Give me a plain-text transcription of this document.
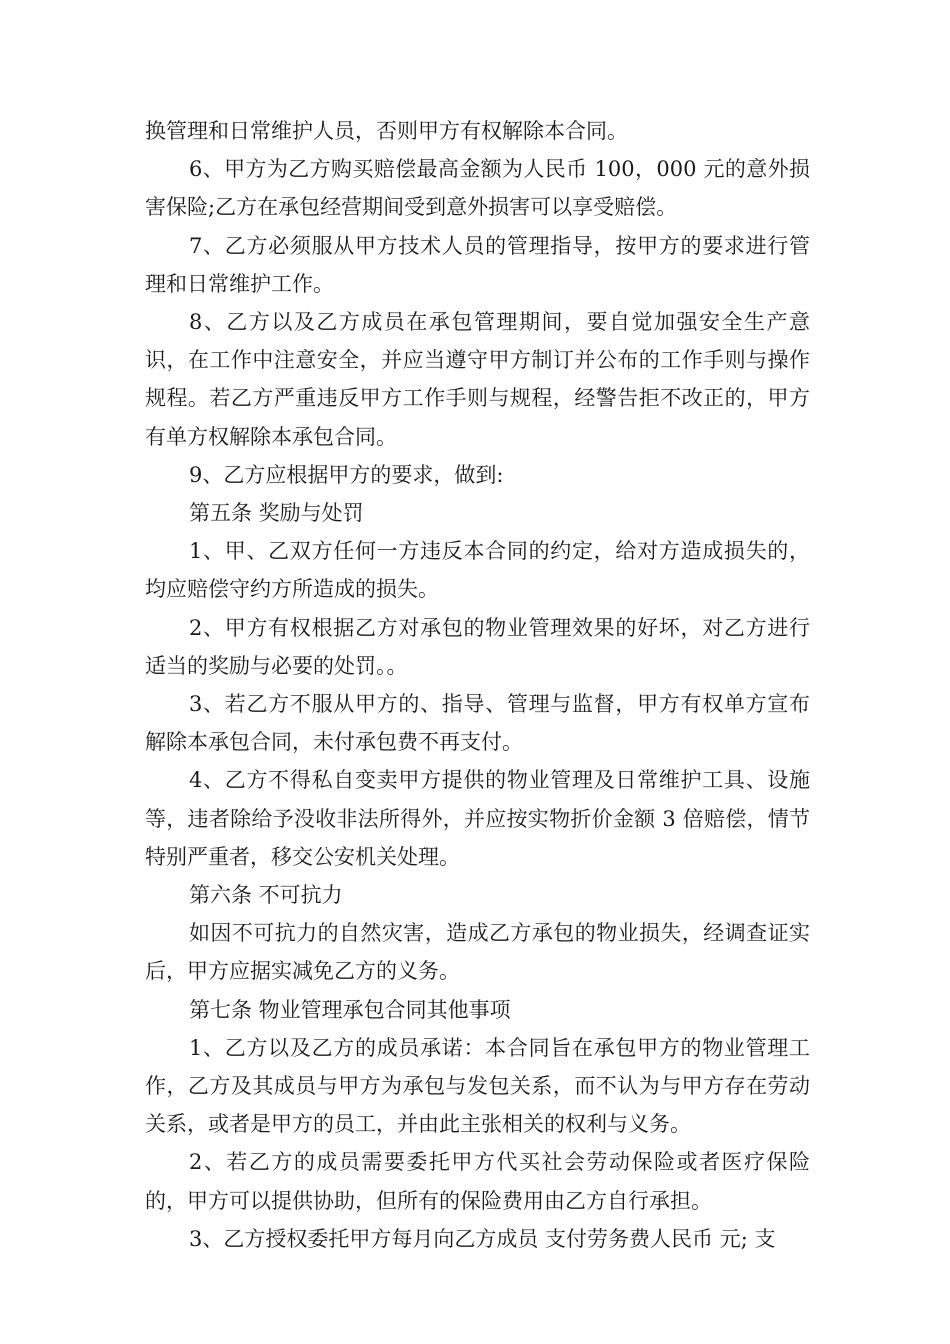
换管理和日常维护人员，否则甲方有权解除本合同。

6、甲方为乙方购买赔偿最高金额为人民币 100，000 元的意外损害保险;乙方在承包经营期间受到意外损害可以享受赔偿。

7、乙方必须服从甲方技术人员的管理指导，按甲方的要求进行管理和日常维护工作。

8、乙方以及乙方成员在承包管理期间，要自觉加强安全生产意识，在工作中注意安全，并应当遵守甲方制订并公布的工作手则与操作规程。若乙方严重违反甲方工作手则与规程，经警告拒不改正的，甲方有单方权解除本承包合同。

9、乙方应根据甲方的要求，做到:

第五条 奖励与处罚

1、甲、乙双方任何一方违反本合同的约定，给对方造成损失的，均应赔偿守约方所造成的损失。

2、甲方有权根据乙方对承包的物业管理效果的好坏，对乙方进行适当的奖励与必要的处罚。。

3、若乙方不服从甲方的、指导、管理与监督，甲方有权单方宣布解除本承包合同，未付承包费不再支付。

4、乙方不得私自变卖甲方提供的物业管理及日常维护工具、设施等，违者除给予没收非法所得外，并应按实物折价金额 3 倍赔偿，情节特别严重者，移交公安机关处理。

第六条 不可抗力

如因不可抗力的自然灾害，造成乙方承包的物业损失，经调查证实后，甲方应据实减免乙方的义务。

第七条 物业管理承包合同其他事项

1、乙方以及乙方的成员承诺：本合同旨在承包甲方的物业管理工作，乙方及其成员与甲方为承包与发包关系，而不认为与甲方存在劳动关系，或者是甲方的员工，并由此主张相关的权利与义务。

2、若乙方的成员需要委托甲方代买社会劳动保险或者医疗保险的，甲方可以提供协助，但所有的保险费用由乙方自行承担。

3、乙方授权委托甲方每月向乙方成员 支付劳务费人民币 元; 支
